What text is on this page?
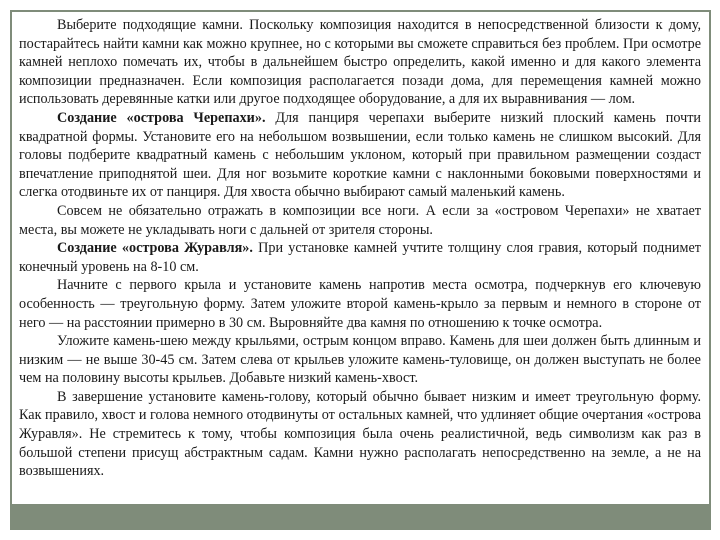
Выберите подходящие камни. Поскольку композиция находится в непосредственной близости к дому, постарайтесь найти камни как можно крупнее, но с которыми вы сможете справиться без проблем. При осмотре камней неплохо помечать их, чтобы в дальнейшем быстро определить, какой именно и для какого элемента композиции предназначен. Если композиция располагается позади дома, для перемещения камней можно использовать деревянные катки или другое подходящее оборудование, а для их выравнивания — лом.

Создание «острова Черепахи». Для панциря черепахи выберите низкий плоский камень почти квадратной формы. Установите его на небольшом возвышении, если только камень не слишком высокий. Для головы подберите квадратный камень с небольшим уклоном, который при правильном размещении создаст впечатление приподнятой шеи. Для ног возьмите короткие камни с наклонными боковыми поверхностями и слегка отодвиньте их от панциря. Для хвоста обычно выбирают самый маленький камень.

Совсем не обязательно отражать в композиции все ноги. А если за «островом Черепахи» не хватает места, вы можете не укладывать ноги с дальней от зрителя стороны.

Создание «острова Журавля». При установке камней учтите толщину слоя гравия, который поднимет конечный уровень на 8-10 см.

Начните с первого крыла и установите камень напротив места осмотра, подчеркнув его ключевую особенность — треугольную форму. Затем уложите второй камень-крыло за первым и немного в стороне от него — на расстоянии примерно в 30 см. Выровняйте два камня по отношению к точке осмотра.

Уложите камень-шею между крыльями, острым концом вправо. Камень для шеи должен быть длинным и низким — не выше 30-45 см. Затем слева от крыльев уложите камень-туловище, он должен выступать не более чем на половину высоты крыльев. Добавьте низкий камень-хвост.

В завершение установите камень-голову, который обычно бывает низким и имеет треугольную форму. Как правило, хвост и голова немного отодвинуты от остальных камней, что удлиняет общие очертания «острова Журавля». Не стремитесь к тому, чтобы композиция была очень реалистичной, ведь символизм как раз в большой степени присущ абстрактным садам. Камни нужно располагать непосредственно на земле, а не на возвышениях.
